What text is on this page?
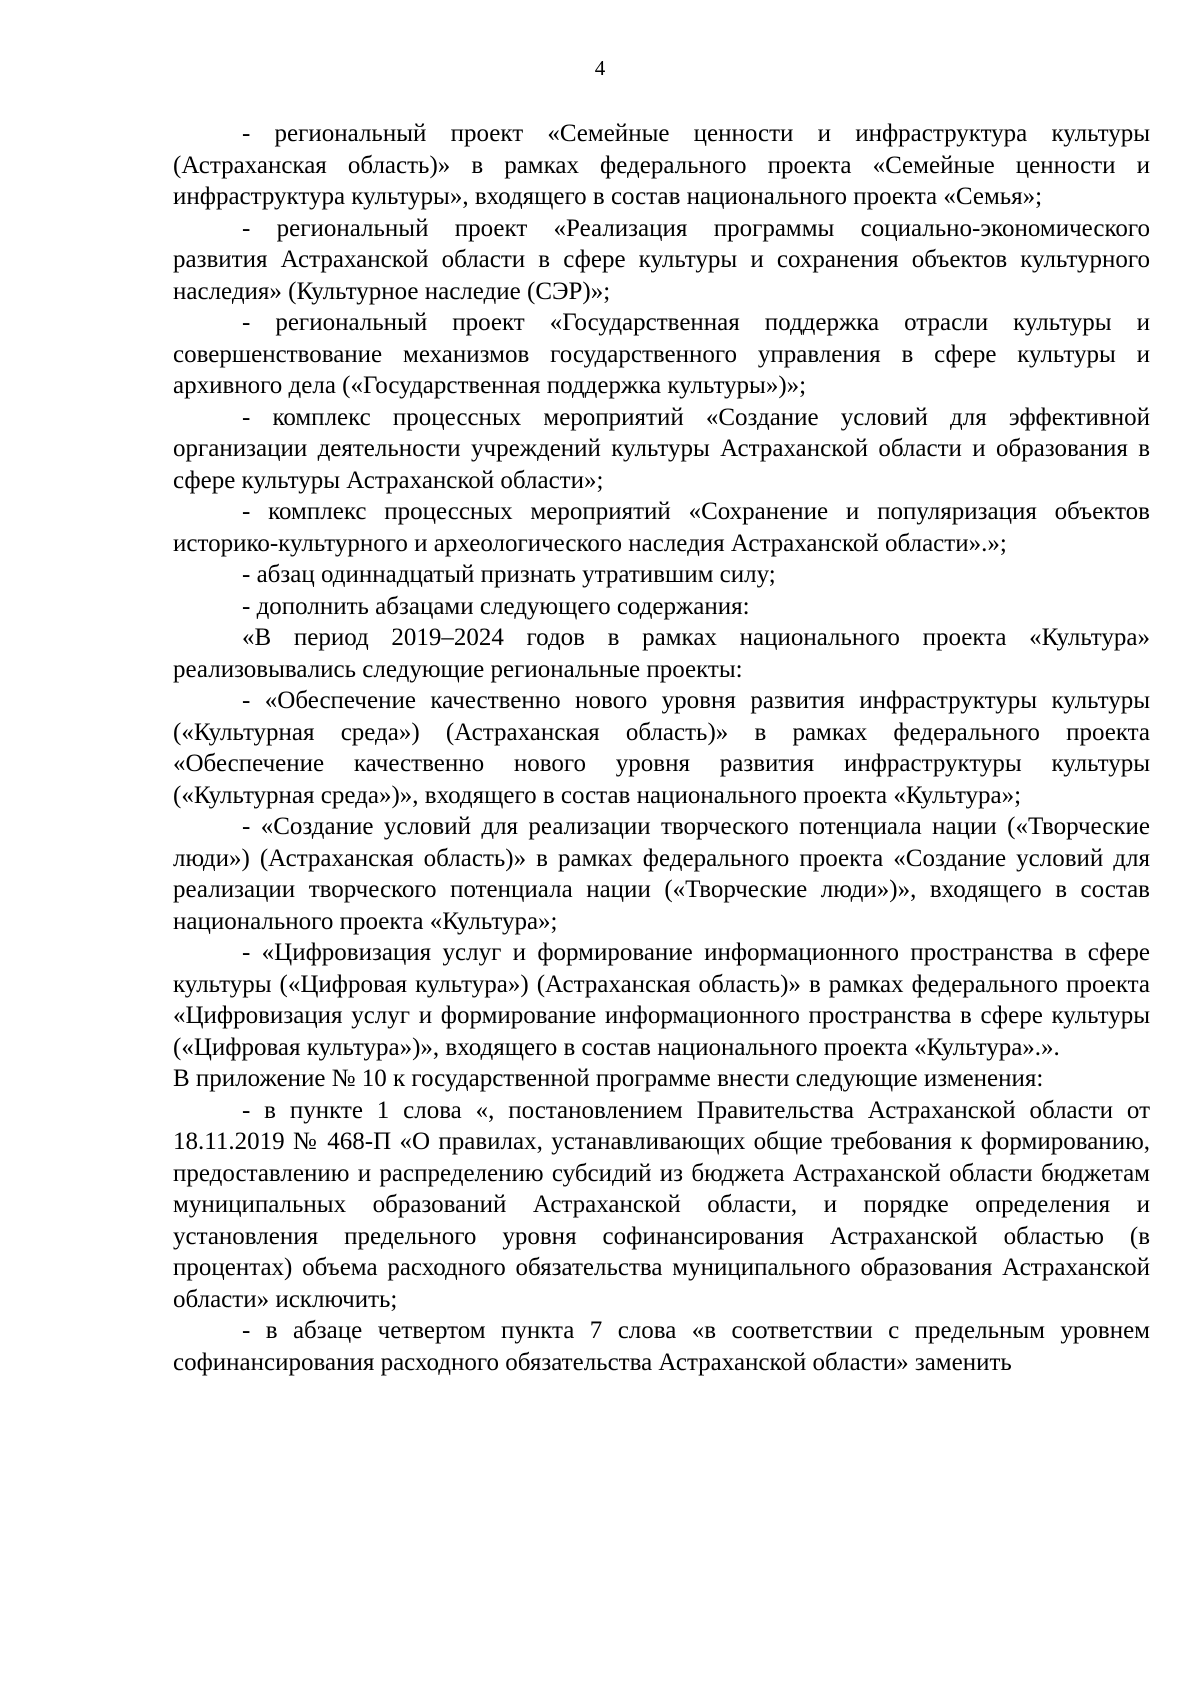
4

- региональный проект «Семейные ценности и инфраструктура культуры (Астраханская область)» в рамках федерального проекта «Семейные ценности и инфраструктура культуры», входящего в состав национального проекта «Семья»;

- региональный проект «Реализация программы социально-экономического развития Астраханской области в сфере культуры и сохранения объектов культурного наследия» (Культурное наследие (СЭР)»;

- региональный проект «Государственная поддержка отрасли культуры и совершенствование механизмов государственного управления в сфере культуры и архивного дела («Государственная поддержка культуры»)»;

- комплекс процессных мероприятий «Создание условий для эффективной организации деятельности учреждений культуры Астраханской области и образования в сфере культуры Астраханской области»;

- комплекс процессных мероприятий «Сохранение и популяризация объектов историко-культурного и археологического наследия Астраханской области».»;

- абзац одиннадцатый признать утратившим силу;

- дополнить абзацами следующего содержания:

«В период 2019–2024 годов в рамках национального проекта «Культура» реализовывались следующие региональные проекты:

- «Обеспечение качественно нового уровня развития инфраструктуры культуры («Культурная среда») (Астраханская область)» в рамках федерального проекта «Обеспечение качественно нового уровня развития инфраструктуры культуры («Культурная среда»)», входящего в состав национального проекта «Культура»;

- «Создание условий для реализации творческого потенциала нации («Творческие люди») (Астраханская область)» в рамках федерального проекта «Создание условий для реализации творческого потенциала нации («Творческие люди»)», входящего в состав национального проекта «Культура»;

- «Цифровизация услуг и формирование информационного пространства в сфере культуры («Цифровая культура») (Астраханская область)» в рамках федерального проекта «Цифровизация услуг и формирование информационного пространства в сфере культуры («Цифровая культура»)», входящего в состав национального проекта «Культура».».

В приложение № 10 к государственной программе внести следующие изменения:

- в пункте 1 слова «, постановлением Правительства Астраханской области от 18.11.2019 № 468-П «О правилах, устанавливающих общие требования к формированию, предоставлению и распределению субсидий из бюджета Астраханской области бюджетам муниципальных образований Астраханской области, и порядке определения и установления предельного уровня софинансирования Астраханской областью (в процентах) объема расходного обязательства муниципального образования Астраханской области» исключить;

- в абзаце четвертом пункта 7 слова «в соответствии с предельным уровнем софинансирования расходного обязательства Астраханской области» заменить
